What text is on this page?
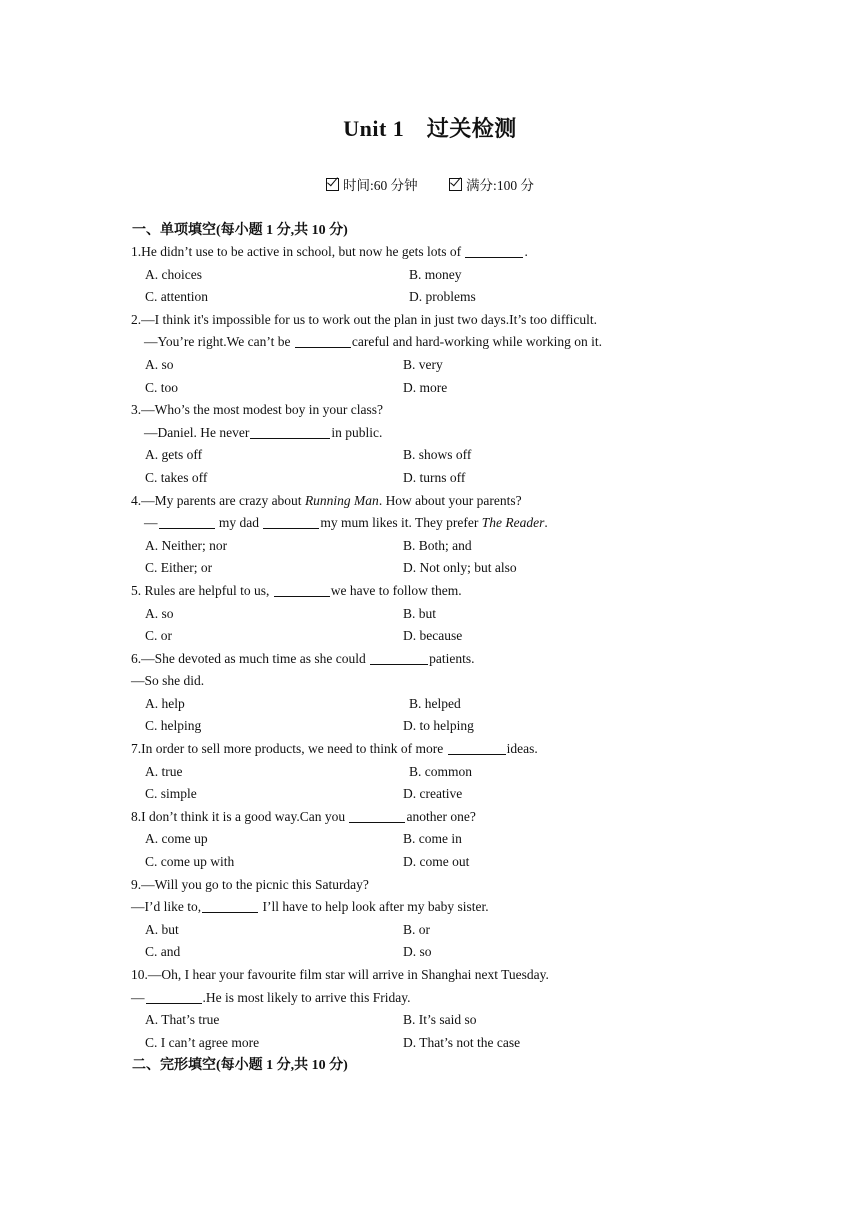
Unit 1　过关检测
时间:60 分钟	满分:100 分
一、单项填空(每小题 1 分,共 10 分)
1.He didn’t use to be active in school, but now he gets lots of	.
A. choices	B. money
C. attention	D. problems
2.—I think it's impossible for us to work out the plan in just two days.It’s too difficult.
—You’re right.We can’t be	careful and hard-working while working on it.
A. so	B. very
C. too	D. more
3.—Who’s the most modest boy in your class?
—Daniel. He never	in public.
A. gets off	B. shows off
C. takes off	D. turns off
4.—My parents are crazy about Running Man. How about your parents?
—	my dad	my mum likes it. They prefer The Reader.
A. Neither; nor	B. Both; and
C. Either; or	D. Not only; but also
5. Rules are helpful to us,	we have to follow them.
A. so	B. but
C. or	D. because
6.—She devoted as much time as she could	patients.
—So she did.
A. help	B. helped
C. helping	D. to helping
7.In order to sell more products, we need to think of more	ideas.
A. true	B. common
C. simple	D. creative
8.I don’t think it is a good way.Can you	another one?
A. come up	B. come in
C. come up with	D. come out
9.—Will you go to the picnic this Saturday?
—I’d like to,	I’ll have to help look after my baby sister.
A. but	B. or
C. and	D. so
10.—Oh, I hear your favourite film star will arrive in Shanghai next Tuesday.
—	.He is most likely to arrive this Friday.
A. That’s true	B. It’s said so
C. I can’t agree more	D. That’s not the case
二、完形填空(每小题 1 分,共 10 分)
